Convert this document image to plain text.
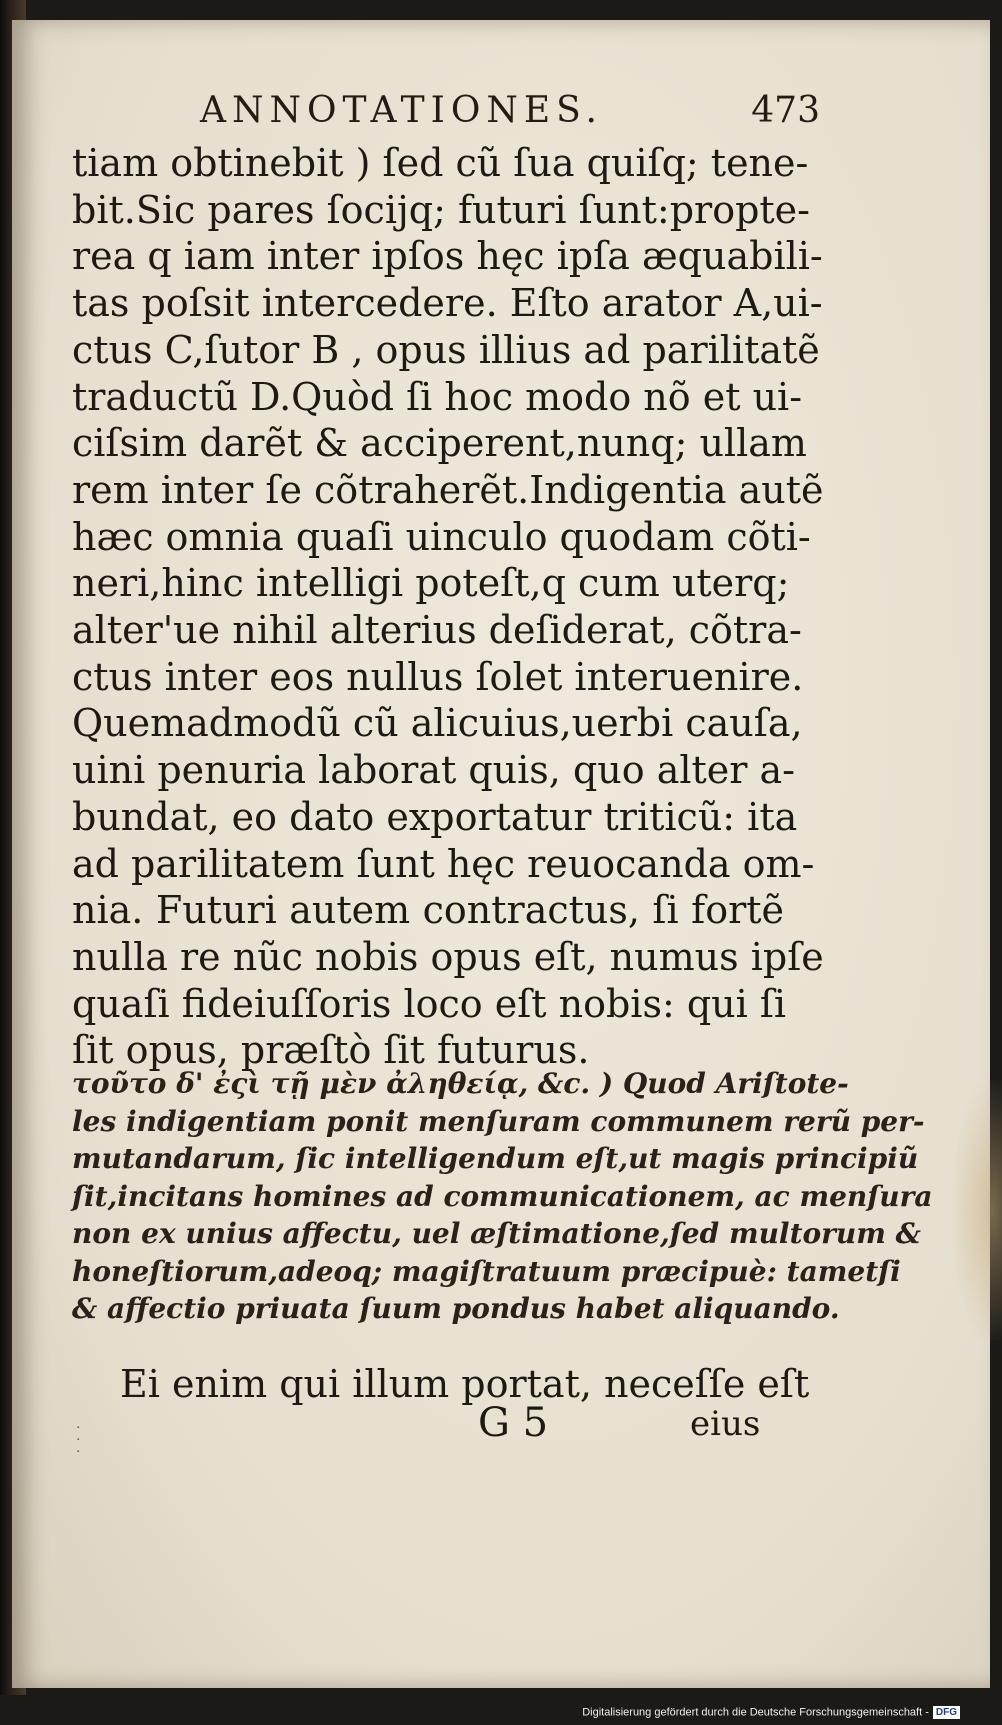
ANNOTATIONES.	473
tiam obtinebit ) ſed cũ ſua quiſq; tene-
bit.Sic pares ſocijq; futuri ſunt:propte-
rea q iam inter ipſos hęc ipſa æquabili-
tas poſsit intercedere. Eſto arator A,ui-
ctus C,ſutor B , opus illius ad parilitatẽ
traductũ D.Quòd ſi hoc modo nõ et ui-
ciſsim darẽt & acciperent,nunq; ullam
rem inter ſe cõtraherẽt.Indigentia autẽ
hæc omnia quaſi uinculo quodam cõti-
neri,hinc intelligi poteſt,q cum uterq;
alter'ue nihil alterius deſiderat, cõtra-
ctus inter eos nullus ſolet interuenire.
Quemadmodũ cũ alicuius,uerbi cauſa,
uini penuria laborat quis, quo alter a-
bundat, eo dato exportatur triticũ: ita
ad parilitatem ſunt hęc reuocanda om-
nia. Futuri autem contractus, ſi fortẽ
nulla re nũc nobis opus eſt, numus ipſe
quaſi fideiuſſoris loco eſt nobis: qui ſi
ſit opus, præſtò ſit futurus.
τοῦτο δ' ἐςὶ τῇ μὲν ἀληθείᾳ, &c. ) Quod Ariſtote-
les indigentiam ponit menſuram communem rerũ per-
mutandarum, ſic intelligendum eſt,ut magis principiũ
ſit,incitans homines ad communicationem, ac menſura
non ex unius affectu, uel æſtimatione,ſed multorum &
honeſtiorum,adeoq; magiſtratuum præcipuè: tametſi
& affectio priuata ſuum pondus habet aliquando.
Ei enim qui illum portat, neceſſe eſt
G 5	eius
·
·
·
Digitalisierung gefördert durch die Deutsche Forschungsgemeinschaft - DFG
